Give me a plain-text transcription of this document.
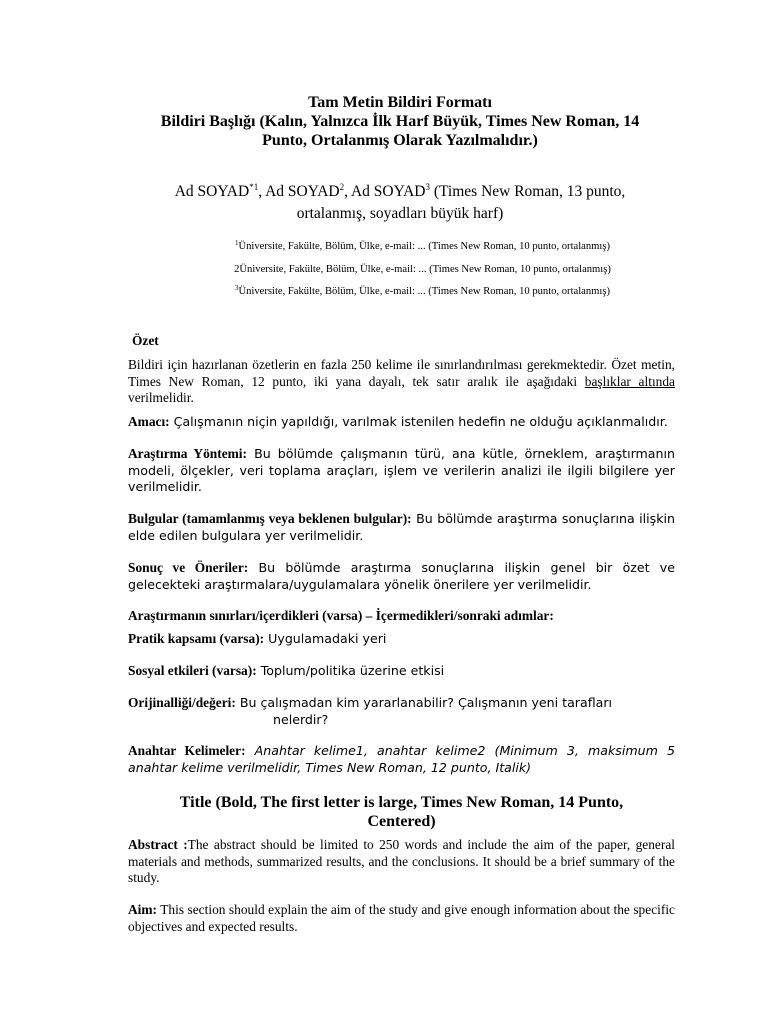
Tam Metin Bildiri Formatı
Bildiri Başlığı (Kalın, Yalnızca İlk Harf Büyük, Times New Roman, 14
Punto, Ortalanmış Olarak Yazılmalıdır.)
Ad SOYAD$^{*1}$, Ad SOYAD$^2$, Ad SOYAD$^3$ (Times New Roman, 13 punto,
ortalanmış, soyadları büyük harf)
$^1$Üniversite, Fakülte, Bölüm, Ülke, e-mail: ... (Times New Roman, 10 punto, ortalanmış)
2Üniversite, Fakülte, Bölüm, Ülke, e-mail: ... (Times New Roman, 10 punto, ortalanmış)
$^3$Üniversite, Fakülte, Bölüm, Ülke, e-mail: ... (Times New Roman, 10 punto, ortalanmış)
Özet
Bildiri için hazırlanan özetlerin en fazla 250 kelime ile sınırlandırılması gerekmektedir. Özet metin, Times New Roman, 12 punto, iki yana dayalı, tek satır aralık ile aşağıdaki başlıklar altında verilmelidir.
Amacı: Çalışmanın niçin yapıldığı, varılmak istenilen hedefin ne olduğu açıklanmalıdır.
Araştırma Yöntemi: Bu bölümde çalışmanın türü, ana kütle, örneklem, araştırmanın modeli, ölçekler, veri toplama araçları, işlem ve verilerin analizi ile ilgili bilgilere yer verilmelidir.
Bulgular (tamamlanmış veya beklenen bulgular): Bu bölümde araştırma sonuçlarına ilişkin elde edilen bulgulara yer verilmelidir.
Sonuç ve Öneriler: Bu bölümde araştırma sonuçlarına ilişkin genel bir özet ve gelecekteki araştırmalara/uygulamalara yönelik önerilere yer verilmelidir.
Araştırmanın sınırları/içerdikleri (varsa) – İçermedikleri/sonraki adımlar:
Pratik kapsamı (varsa): Uygulamadaki yeri
Sosyal etkileri (varsa): Toplum/politika üzerine etkisi
Orijinalliği/değeri: Bu çalışmadan kim yararlanabilir? Çalışmanın yeni tarafları
nelerdir?
Anahtar Kelimeler: Anahtar kelime1, anahtar kelime2 (Minimum 3, maksimum 5 anahtar kelime verilmelidir, Times New Roman, 12 punto, Italik)
Title (Bold, The first letter is large, Times New Roman, 14 Punto,
Centered)
Abstract :The abstract should be limited to 250 words and include the aim of the paper, general materials and methods, summarized results, and the conclusions. It should be a brief summary of the study.
Aim: This section should explain the aim of the study and give enough information about the specific objectives and expected results.
